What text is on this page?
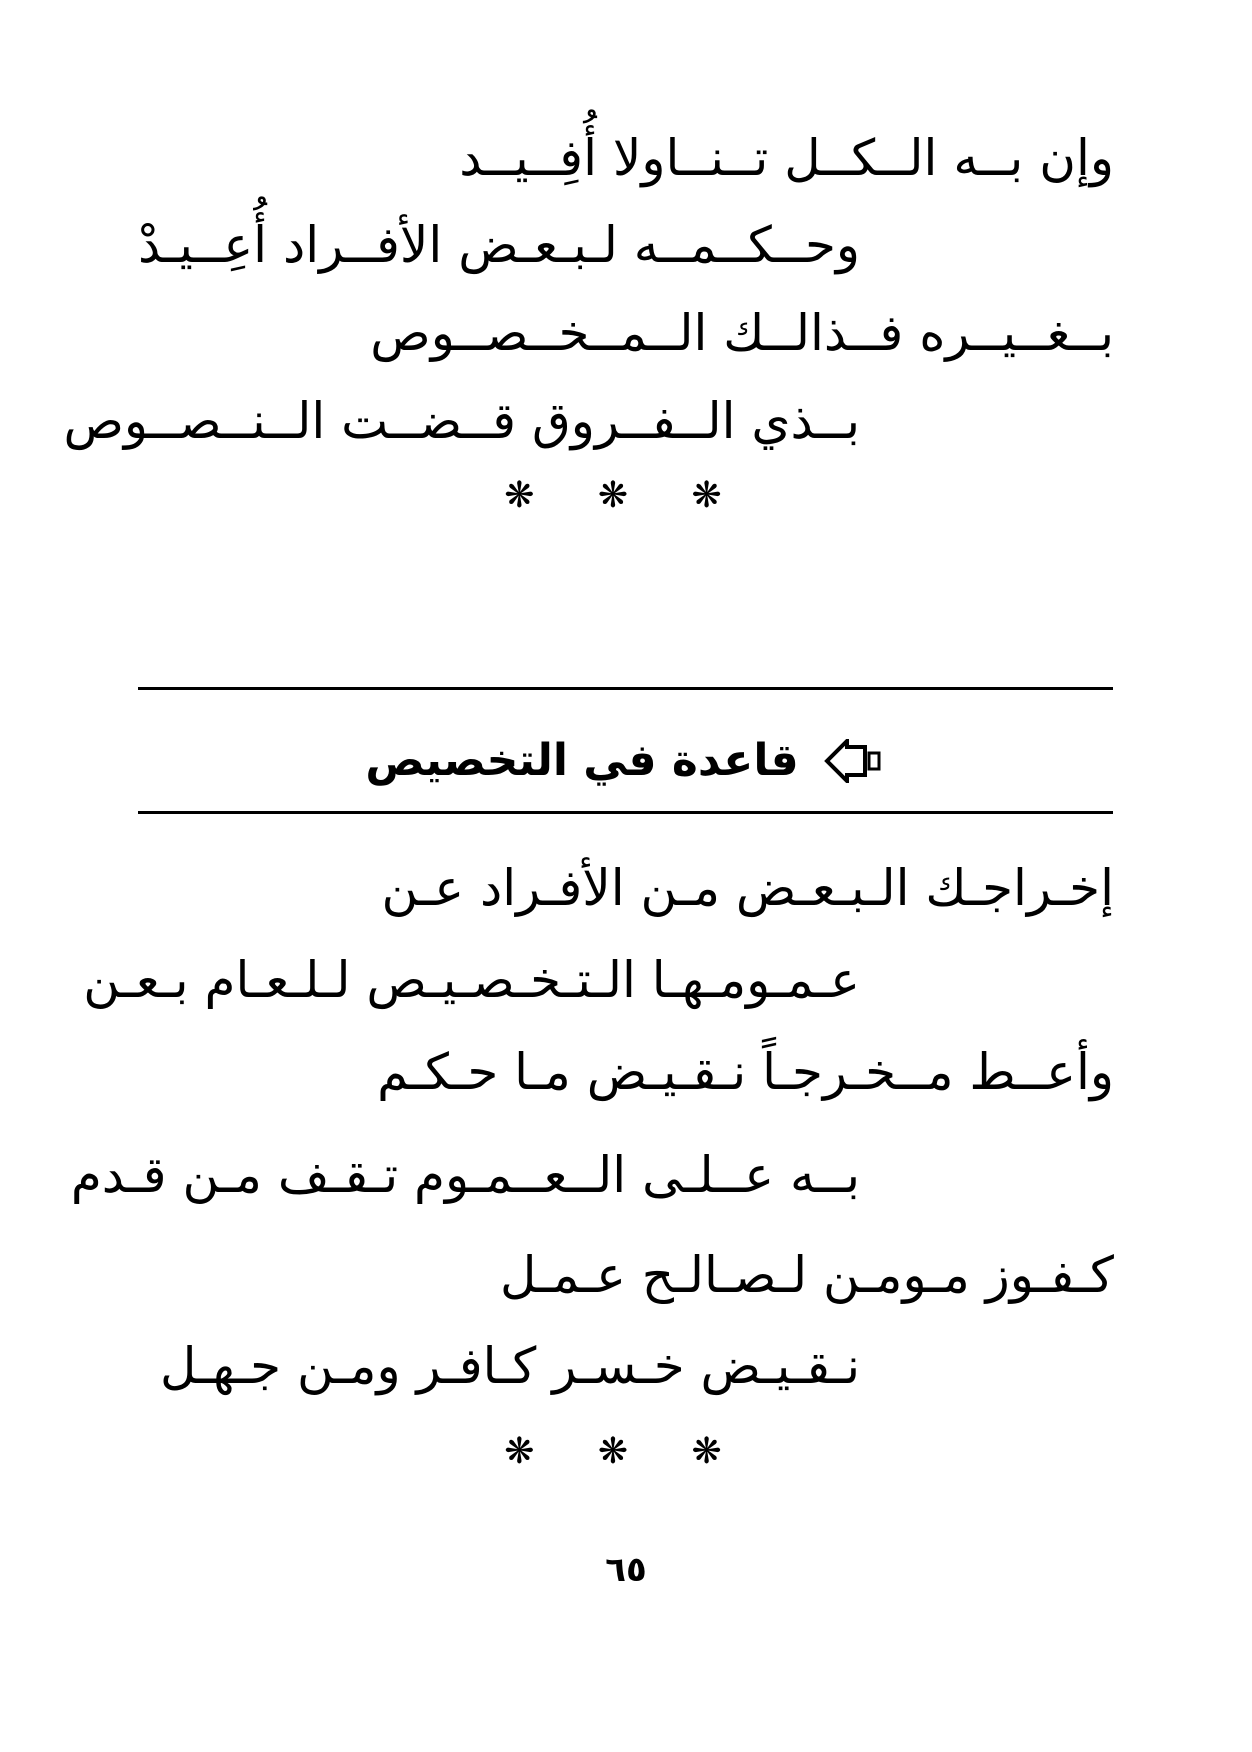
وإن بــه الــكــل تــنــاولا أُفِــيــد
وحــكــمــه لـبـعـض الأفــراد أُعِــيـدْ
بــغــيــره فــذالــك الــمــخــصــوص
بــذي الــفــروق قــضــت الــنــصــوص
❋ ❋ ❋
قاعدة في التخصيص
إخـراجـك الـبـعـض مـن الأفـراد عـن
عـمـومـهـا الـتـخـصـيـص لـلـعـام بـعـن
وأعــط مــخـرجـاً نـقـيـض مـا حـكـم
بــه عــلـى الــعــمـوم تـقـف مـن قـدم
كـفـوز مـومـن لـصـالـح عـمـل
نـقـيـض خـسـر كـافـر ومـن جـهـل
❋ ❋ ❋
٦٥
